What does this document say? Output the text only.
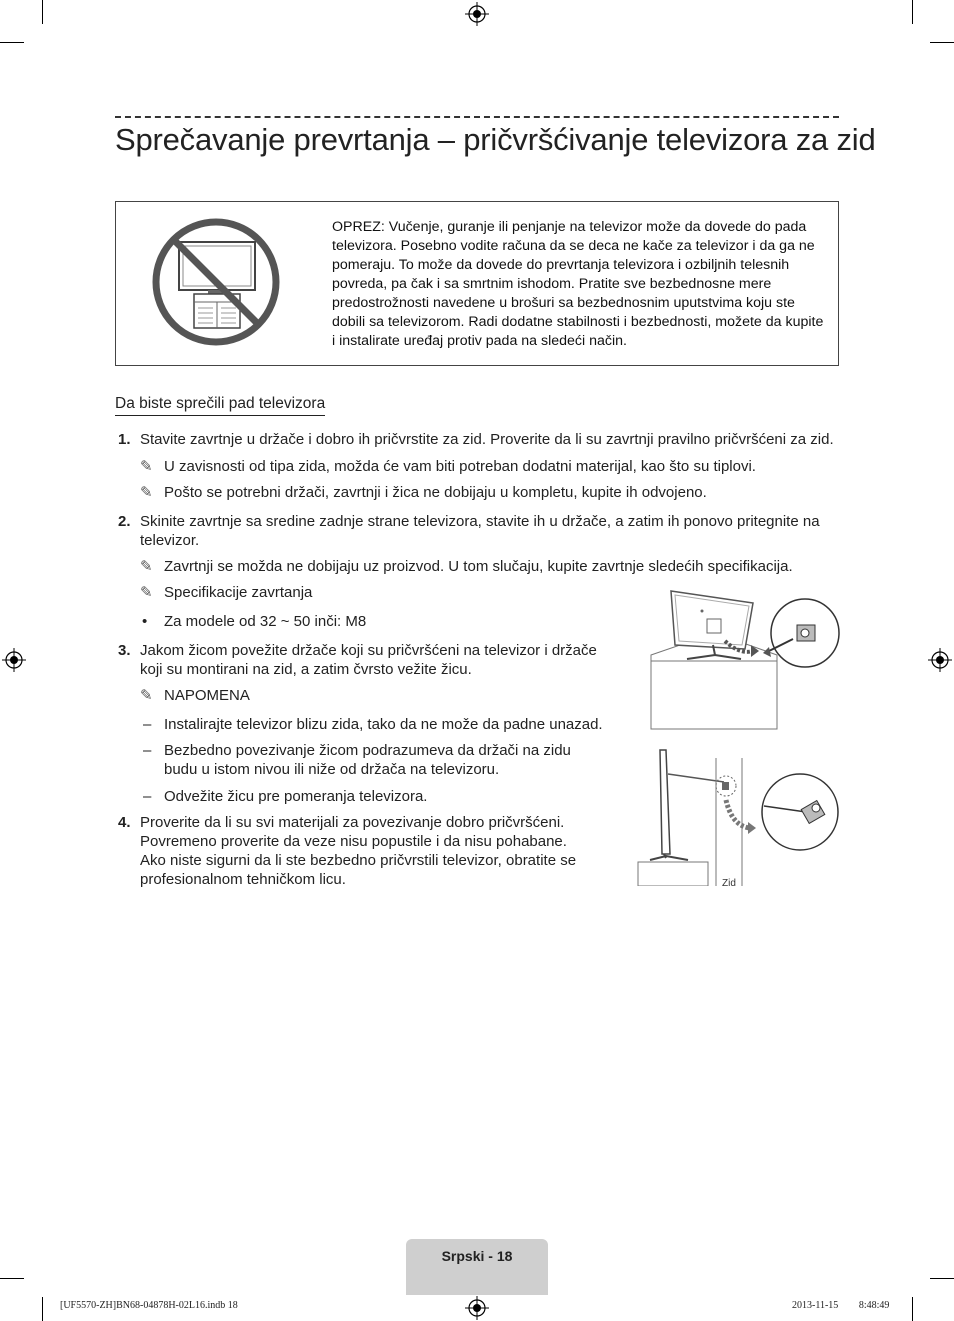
Sprečavanje prevrtanja – pričvršćivanje televizora za zid
OPREZ: Vučenje, guranje ili penjanje na televizor može da dovede do pada televizora. Posebno vodite računa da se deca ne kače za televizor i da ga ne pomeraju. To može da dovede do prevrtanja televizora i ozbiljnih telesnih povreda, pa čak i sa smrtnim ishodom. Pratite sve bezbednosne mere predostrožnosti navedene u brošuri sa bezbednosnim uputstvima koju ste dobili sa televizorom. Radi dodatne stabilnosti i bezbednosti, možete da kupite i instalirate uređaj protiv pada na sledeći način.
Da biste sprečili pad televizora
1. Stavite zavrtnje u držače i dobro ih pričvrstite za zid. Proverite da li su zavrtnji pravilno pričvršćeni za zid.
✎ U zavisnosti od tipa zida, možda će vam biti potreban dodatni materijal, kao što su tiplovi.
✎ Pošto se potrebni držači, zavrtnji i žica ne dobijaju u kompletu, kupite ih odvojeno.
2. Skinite zavrtnje sa sredine zadnje strane televizora, stavite ih u držače, a zatim ih ponovo pritegnite na televizor.
✎ Zavrtnji se možda ne dobijaju uz proizvod. U tom slučaju, kupite zavrtnje sledećih specifikacija.
✎ Specifikacije zavrtanja
• Za modele od 32 ~ 50 inči: M8
3. Jakom žicom povežite držače koji su pričvršćeni na televizor i držače koji su montirani na zid, a zatim čvrsto vežite žicu.
✎ NAPOMENA
– Instalirajte televizor blizu zida, tako da ne može da padne unazad.
– Bezbedno povezivanje žicom podrazumeva da držači na zidu budu u istom nivou ili niže od držača na televizoru.
– Odvežite žicu pre pomeranja televizora.
4. Proverite da li su svi materijali za povezivanje dobro pričvršćeni. Povremeno proverite da veze nisu popustile i da nisu pohabane. Ako niste sigurni da li ste bezbedno pričvrstili televizor, obratite se profesionalnom tehničkom licu.	Zid
Srpski - 18
[UF5570-ZH]BN68-04878H-02L16.indb 18	2013-11-15 ￿￿ 8:48:49
